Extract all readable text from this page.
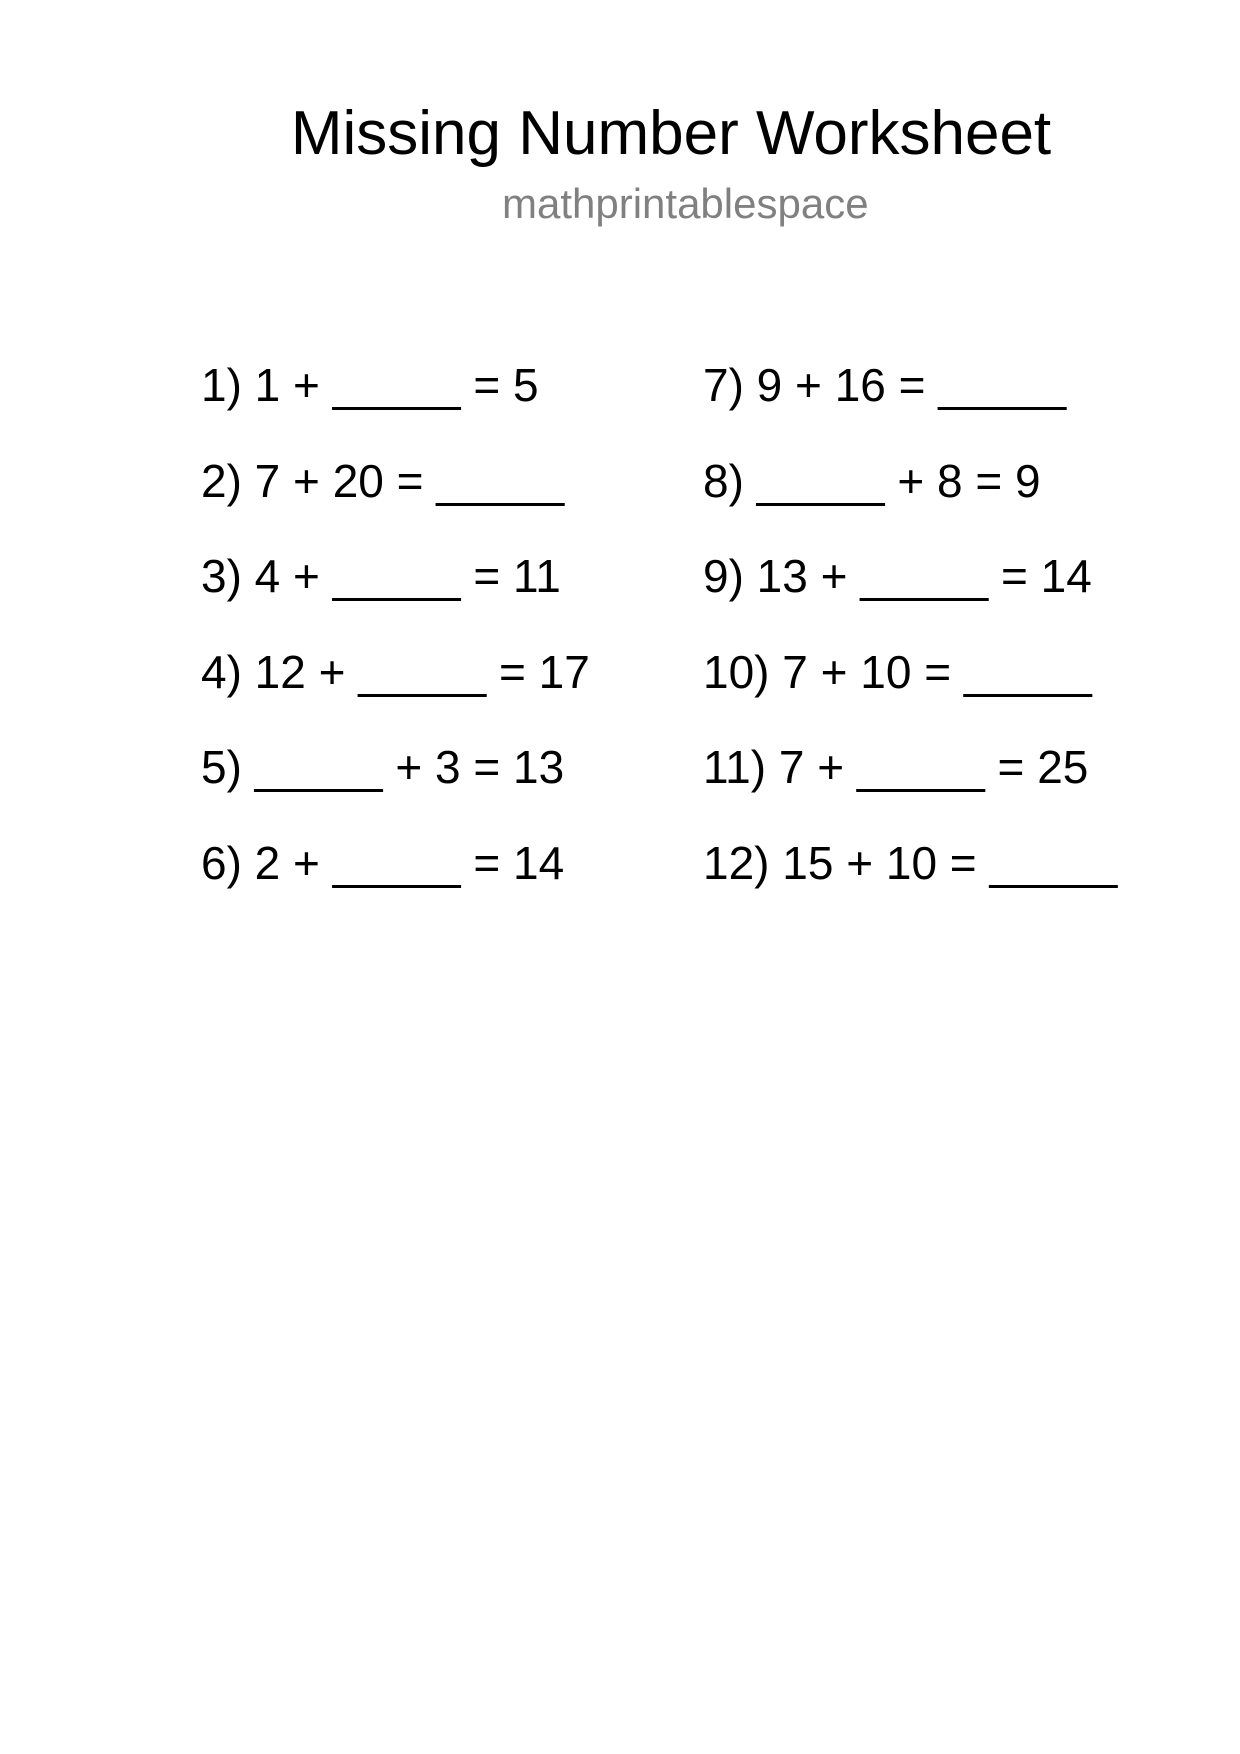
Missing Number Worksheet
mathprintablespace
1) 1 + _____ = 5
2) 7 + 20 = _____
3) 4 + _____ = 11
4) 12 + _____ = 17
5) _____ + 3 = 13
6) 2 + _____ = 14
7) 9 + 16 = _____
8) _____ + 8 = 9
9) 13 + _____ = 14
10) 7 + 10 = _____
11) 7 + _____ = 25
12) 15 + 10 = _____
